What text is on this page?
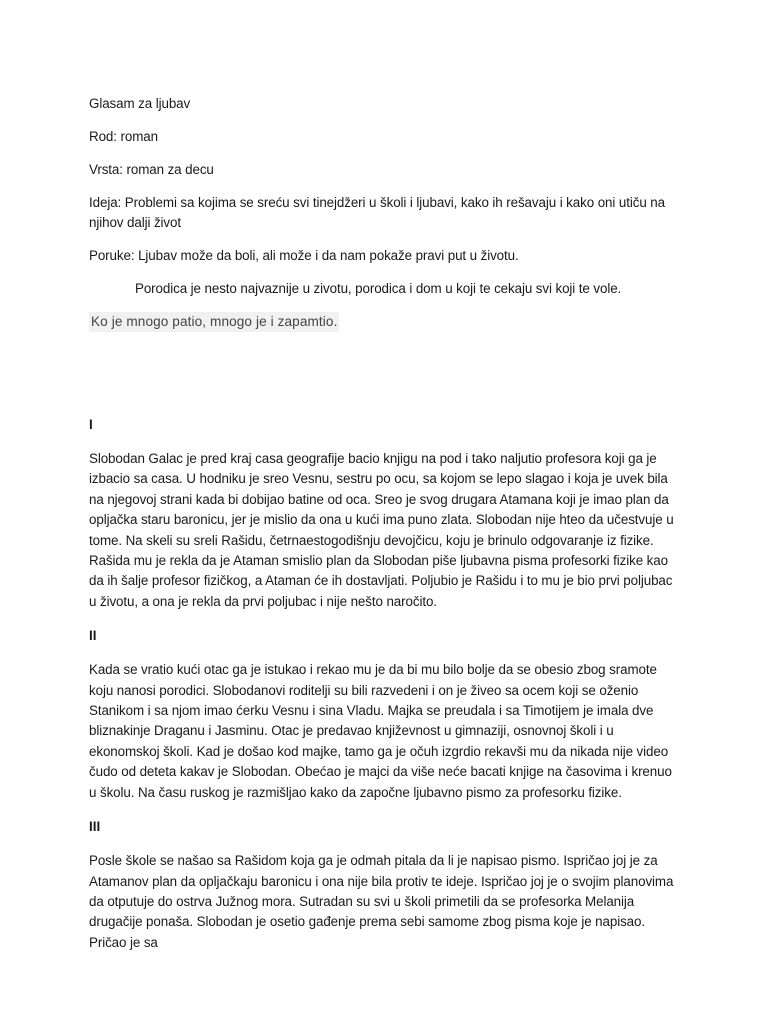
Glasam za ljubav
Rod: roman
Vrsta: roman za decu
Ideja: Problemi sa kojima se sreću svi tinejdžeri u školi i ljubavi, kako ih rešavaju i kako oni utiču na njihov dalji život
Poruke: Ljubav može da boli, ali može i da nam pokaže pravi put u životu.
Porodica je nesto najvaznije u zivotu, porodica i dom u koji te cekaju svi koji te vole.
Ko je mnogo patio, mnogo je i zapamtio.
I
Slobodan Galac je pred kraj casa geografije bacio knjigu na pod i tako naljutio profesora koji ga je izbacio sa casa. U hodniku je sreo Vesnu, sestru po ocu, sa kojom se lepo slagao i koja je uvek bila na njegovoj strani kada bi dobijao batine od oca. Sreo je svog drugara Atamana koji je imao plan da opljačka staru baronicu, jer je mislio da ona u kući ima puno zlata. Slobodan nije hteo da učestvuje u tome. Na skeli su sreli Rašidu, četrnaestogodišnju devojčicu, koju je brinulo odgovaranje iz fizike. Rašida mu je rekla da je Ataman smislio plan da Slobodan piše ljubavna pisma profesorki fizike kao da ih šalje profesor fizičkog, a Ataman će ih dostavljati. Poljubio je Rašidu i to mu je bio prvi poljubac u životu, a ona je rekla da prvi poljubac i nije nešto naročito.
II
Kada se vratio kući otac ga je istukao i rekao mu je da bi mu bilo bolje da se obesio zbog sramote koju nanosi porodici. Slobodanovi roditelji su bili razvedeni i on je živeo sa ocem koji se oženio Stanikom i sa njom imao ćerku Vesnu i sina Vladu. Majka se preudala i sa Timotijem je imala dve bliznakinje Draganu i Jasminu. Otac je predavao književnost u gimnaziji, osnovnoj školi i u ekonomskoj školi. Kad je došao kod majke, tamo ga je očuh izgrdio rekavši mu da nikada nije video čudo od deteta kakav je Slobodan. Obećao je majci da više neće bacati knjige na časovima i krenuo u školu. Na času ruskog je razmišljao kako da započne ljubavno pismo za profesorku fizike.
III
Posle škole se našao sa Rašidom koja ga je odmah pitala da li je napisao pismo. Ispričao joj je za Atamanov plan da opljačkaju baronicu i ona nije bila protiv te ideje. Ispričao joj je o svojim planovima da otputuje do ostrva Južnog mora. Sutradan su svi u školi primetili da se profesorka Melanija drugačije ponaša. Slobodan je osetio gađenje prema sebi samome zbog pisma koje je napisao. Pričao je sa
